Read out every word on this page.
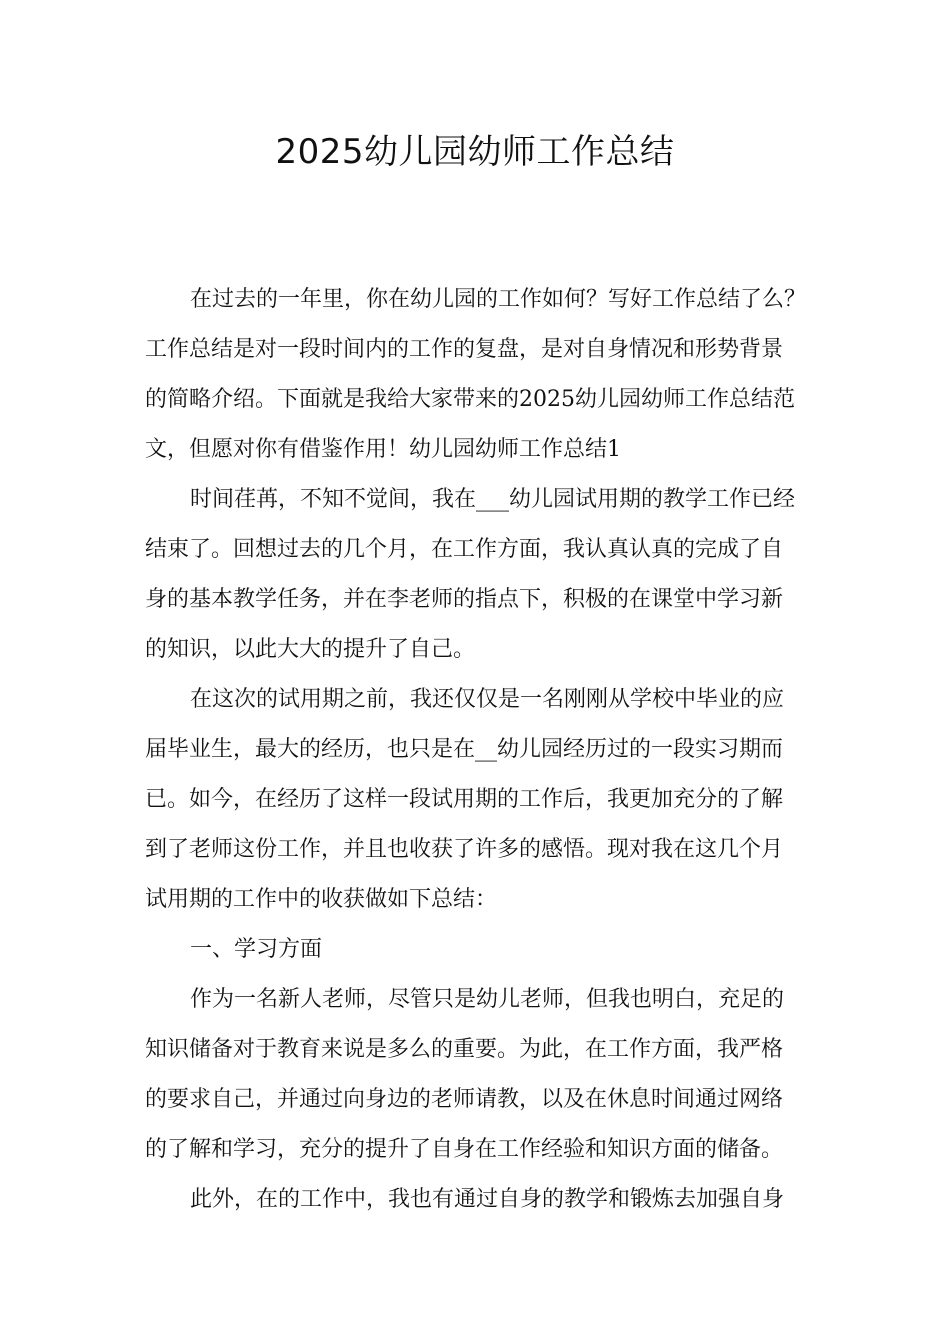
2025幼儿园幼师工作总结

在过去的一年里，你在幼儿园的工作如何？写好工作总结了么？

工作总结是对一段时间内的工作的复盘，是对自身情况和形势背景

的简略介绍。下面就是我给大家带来的2025幼儿园幼师工作总结范

文，但愿对你有借鉴作用！幼儿园幼师工作总结1

时间荏苒，不知不觉间，我在___幼儿园试用期的教学工作已经

结束了。回想过去的几个月，在工作方面，我认真认真的完成了自

身的基本教学任务，并在李老师的指点下，积极的在课堂中学习新

的知识，以此大大的提升了自己。

在这次的试用期之前，我还仅仅是一名刚刚从学校中毕业的应

届毕业生，最大的经历，也只是在__幼儿园经历过的一段实习期而

已。如今，在经历了这样一段试用期的工作后，我更加充分的了解

到了老师这份工作，并且也收获了许多的感悟。现对我在这几个月

试用期的工作中的收获做如下总结：

一、学习方面

作为一名新人老师，尽管只是幼儿老师，但我也明白，充足的

知识储备对于教育来说是多么的重要。为此，在工作方面，我严格

的要求自己，并通过向身边的老师请教，以及在休息时间通过网络

的了解和学习，充分的提升了自身在工作经验和知识方面的储备。

此外，在的工作中，我也有通过自身的教学和锻炼去加强自身
